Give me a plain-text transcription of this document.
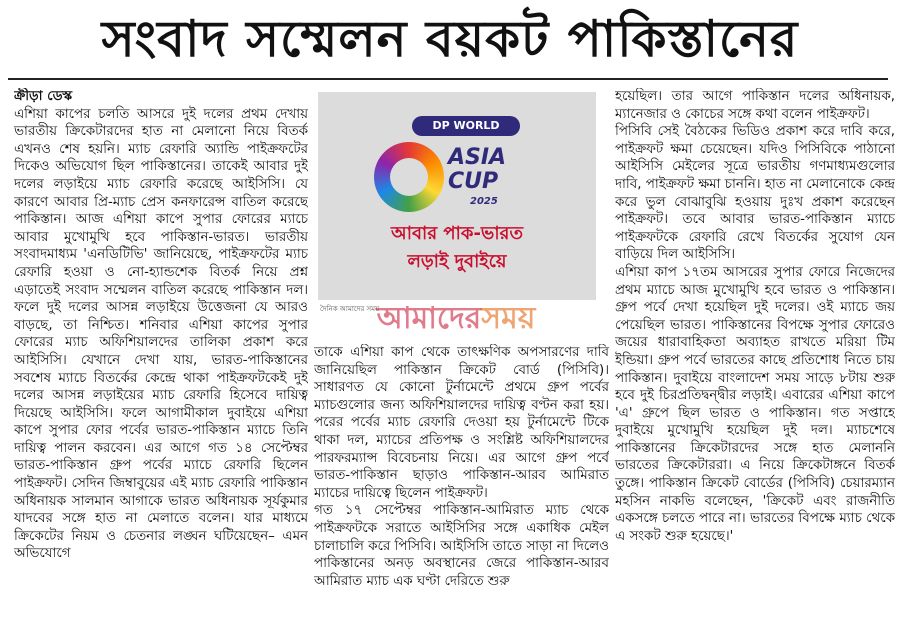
সংবাদ সম্মেলন বয়কট পাকিস্তানের

ক্রীড়া ডেস্ক

এশিয়া কাপের চলতি আসরে দুই দলের প্রথম দেখায় ভারতীয় ক্রিকেটারদের হাত না মেলানো নিয়ে বিতর্ক এখনও শেষ হয়নি। ম্যাচ রেফারি অ্যান্ডি পাইক্রফটের দিকেও অভিযোগ ছিল পাকিস্তানের। তাকেই আবার দুই দলের লড়াইয়ে ম্যাচ রেফারি করেছে আইসিসি। যে কারণে আবার প্রি-ম্যাচ প্রেস কনফারেন্স বাতিল করেছে পাকিস্তান। আজ এশিয়া কাপে সুপার ফোরের ম্যাচে আবার মুখোমুখি হবে পাকিস্তান-ভারত। ভারতীয় সংবাদমাধ্যম 'এনডিটিভি' জানিয়েছে, পাইক্রফটের ম্যাচ রেফারি হওয়া ও নো-হ্যান্ডশেক বিতর্ক নিয়ে প্রশ্ন এড়াতেই সংবাদ সম্মেলন বাতিল করেছে পাকিস্তান দল। ফলে দুই দলের আসন্ন লড়াইয়ে উত্তেজনা যে আরও বাড়ছে, তা নিশ্চিত। শনিবার এশিয়া কাপের সুপার ফোরের ম্যাচ অফিশিয়ালদের তালিকা প্রকাশ করে আইসিসি। যেখানে দেখা যায়, ভারত-পাকিস্তানের সবশেষ ম্যাচে বিতর্কের কেন্দ্রে থাকা পাইক্রফটকেই দুই দলের আসন্ন লড়াইয়ের ম্যাচ রেফারি হিসেবে দায়িত্ব দিয়েছে আইসিসি। ফলে আগামীকাল দুবাইয়ে এশিয়া কাপে সুপার ফোর পর্বের ভারত-পাকিস্তান ম্যাচে তিনি দায়িত্ব পালন করবেন। এর আগে গত ১৪ সেপ্টেম্বর ভারত-পাকিস্তান গ্রুপ পর্বের ম্যাচে রেফারি ছিলেন পাইক্রফট। সেদিন জিম্বাবুয়ের এই ম্যাচ রেফারি পাকিস্তান অধিনায়ক সালমান আগাকে ভারত অধিনায়ক সূর্যকুমার যাদবের সঙ্গে হাত না মেলাতে বলেন। যার মাধ্যমে ক্রিকেটের নিয়ম ও চেতনার লঙ্ঘন ঘটিয়েছেন– এমন অভিযোগে

DP WORLD
ASIA
CUP
2025
আবার পাক-ভারত
লড়াই দুবাইয়ে
দৈনিক আমাদের সময়
আমাদেরসময়

তাকে এশিয়া কাপ থেকে তাৎক্ষণিক অপসারণের দাবি জানিয়েছিল পাকিস্তান ক্রিকেট বোর্ড (পিসিবি)। সাধারণত যে কোনো টুর্নামেন্টে প্রথমে গ্রুপ পর্বের ম্যাচগুলোর জন্য অফিশিয়ালদের দায়িত্ব বণ্টন করা হয়। পরের পর্বের ম্যাচ রেফারি দেওয়া হয় টুর্নামেন্টে টিকে থাকা দল, ম্যাচের প্রতিপক্ষ ও সংশ্লিষ্ট অফিশিয়ালদের পারফরম্যান্স বিবেচনায় নিয়ে। এর আগে গ্রুপ পর্বে ভারত-পাকিস্তান ছাড়াও পাকিস্তান-আরব আমিরাত ম্যাচের দায়িত্বে ছিলেন পাইক্রফট।

গত ১৭ সেপ্টেম্বর পাকিস্তান-আমিরাত ম্যাচ থেকে পাইক্রফটকে সরাতে আইসিসির সঙ্গে একাধিক মেইল চালাচালি করে পিসিবি। আইসিসি তাতে সাড়া না দিলেও পাকিস্তানের অনড় অবস্থানের জেরে পাকিস্তান-আরব আমিরাত ম্যাচ এক ঘণ্টা দেরিতে শুরু

হয়েছিল। তার আগে পাকিস্তান দলের অধিনায়ক, ম্যানেজার ও কোচের সঙ্গে কথা বলেন পাইক্রফট।

পিসিবি সেই বৈঠকের ভিডিও প্রকাশ করে দাবি করে, পাইক্রফট ক্ষমা চেয়েছেন। যদিও পিসিবিকে পাঠানো আইসিসি মেইলের সূত্রে ভারতীয় গণমাধ্যমগুলোর দাবি, পাইক্রফট ক্ষমা চাননি। হাত না মেলানোকে কেন্দ্র করে ভুল বোঝাবুঝি হওয়ায় দুঃখ প্রকাশ করেছেন পাইক্রফট। তবে আবার ভারত-পাকিস্তান ম্যাচে পাইক্রফটকে রেফারি রেখে বিতর্কের সুযোগ যেন বাড়িয়ে দিল আইসিসি।

এশিয়া কাপ ১৭তম আসরের সুপার ফোরে নিজেদের প্রথম ম্যাচে আজ মুখোমুখি হবে ভারত ও পাকিস্তান। গ্রুপ পর্বে দেখা হয়েছিল দুই দলের। ওই ম্যাচে জয় পেয়েছিল ভারত। পাকিস্তানের বিপক্ষে সুপার ফোরেও জয়ের ধারাবাহিকতা অব্যাহত রাখতে মরিয়া টিম ইন্ডিয়া। গ্রুপ পর্বে ভারতের কাছে প্রতিশোধ নিতে চায় পাকিস্তান। দুবাইয়ে বাংলাদেশ সময় সাড়ে ৮টায় শুরু হবে দুই চিরপ্রতিদ্বন্দ্বীর লড়াই। এবারের এশিয়া কাপে 'এ' গ্রুপে ছিল ভারত ও পাকিস্তান। গত সপ্তাহে দুবাইয়ে মুখোমুখি হয়েছিল দুই দল। ম্যাচশেষে পাকিস্তানের ক্রিকেটারদের সঙ্গে হাত মেলাননি ভারতের ক্রিকেটাররা। এ নিয়ে ক্রিকেটাঙ্গনে বিতর্ক তুঙ্গে। পাকিস্তান ক্রিকেট বোর্ডের (পিসিবি) চেয়ারম্যান মহসিন নাকভি বলেছেন, 'ক্রিকেট এবং রাজনীতি একসঙ্গে চলতে পারে না। ভারতের বিপক্ষে ম্যাচ থেকে এ সংকট শুরু হয়েছে।'
